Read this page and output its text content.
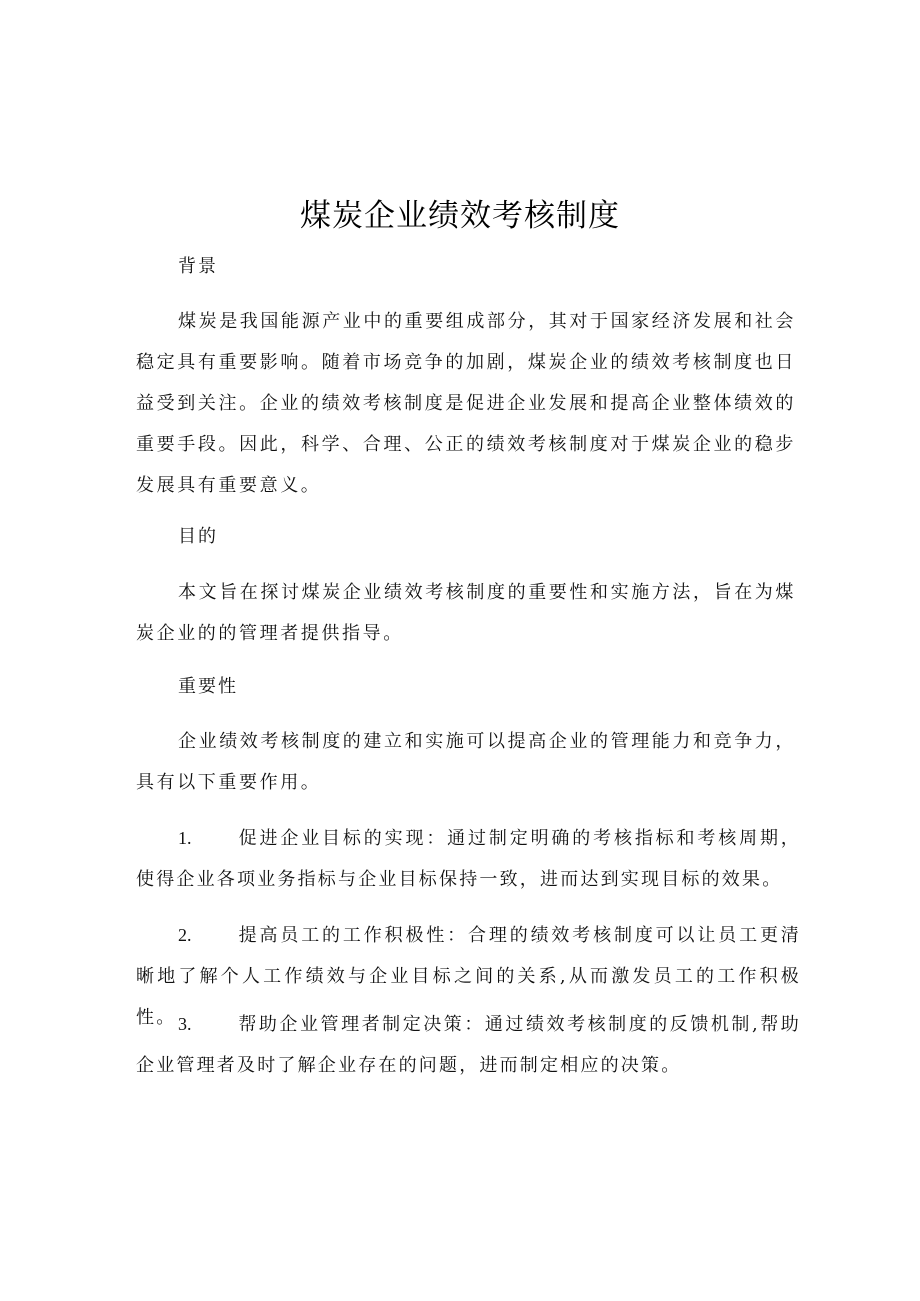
煤炭企业绩效考核制度
背景

煤炭是我国能源产业中的重要组成部分，其对于国家经济发展和社会稳定具有重要影响。随着市场竞争的加剧，煤炭企业的绩效考核制度也日益受到关注。企业的绩效考核制度是促进企业发展和提高企业整体绩效的重要手段。因此，科学、合理、公正的绩效考核制度对于煤炭企业的稳步发展具有重要意义。

目的

本文旨在探讨煤炭企业绩效考核制度的重要性和实施方法，旨在为煤炭企业的的管理者提供指导。

重要性

企业绩效考核制度的建立和实施可以提高企业的管理能力和竞争力，具有以下重要作用。

1.	促进企业目标的实现：通过制定明确的考核指标和考核周期，使得企业各项业务指标与企业目标保持一致，进而达到实现目标的效果。

2.	提高员工的工作积极性：合理的绩效考核制度可以让员工更清晰地了解个人工作绩效与企业目标之间的关系,从而激发员工的工作积极性。 3.	帮助企业管理者制定决策：通过绩效考核制度的反馈机制,帮助企业管理者及时了解企业存在的问题，进而制定相应的决策。
